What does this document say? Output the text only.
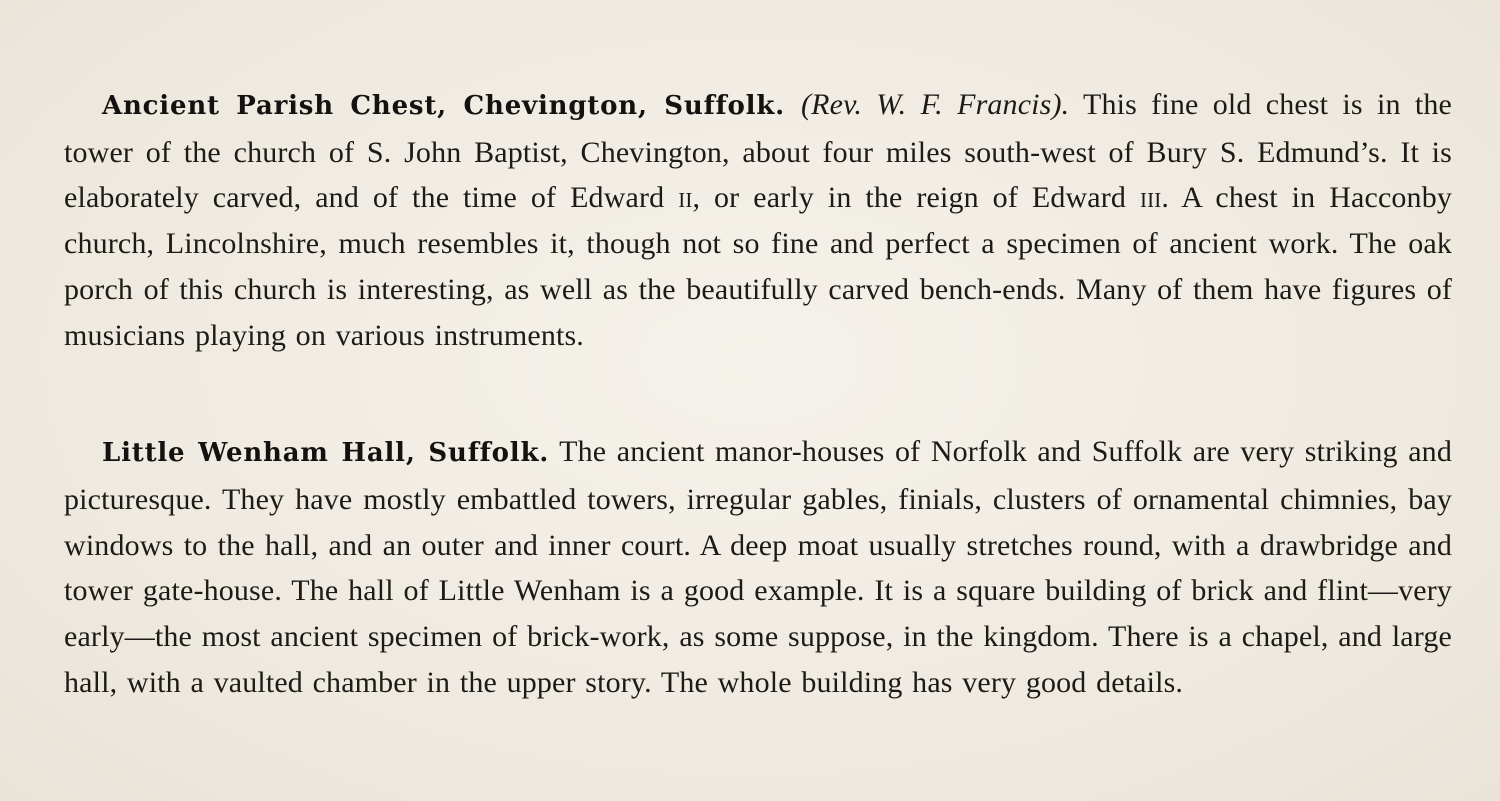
Ancient Parish Chest, Chevington, Suffolk. (Rev. W. F. Francis). This fine old chest is in the tower of the church of S. John Baptist, Chevington, about four miles south-west of Bury S. Edmund’s. It is elaborately carved, and of the time of Edward ii, or early in the reign of Edward iii. A chest in Hacconby church, Lincolnshire, much resembles it, though not so fine and perfect a specimen of ancient work. The oak porch of this church is interesting, as well as the beautifully carved bench-ends. Many of them have figures of musicians playing on various instruments.

Little Wenham Hall, Suffolk. The ancient manor-houses of Norfolk and Suffolk are very striking and picturesque. They have mostly embattled towers, irregular gables, finials, clusters of ornamental chimnies, bay windows to the hall, and an outer and inner court. A deep moat usually stretches round, with a drawbridge and tower gate-house. The hall of Little Wenham is a good example. It is a square building of brick and flint—very early—the most ancient specimen of brick-work, as some suppose, in the kingdom. There is a chapel, and large hall, with a vaulted chamber in the upper story. The whole building has very good details.
